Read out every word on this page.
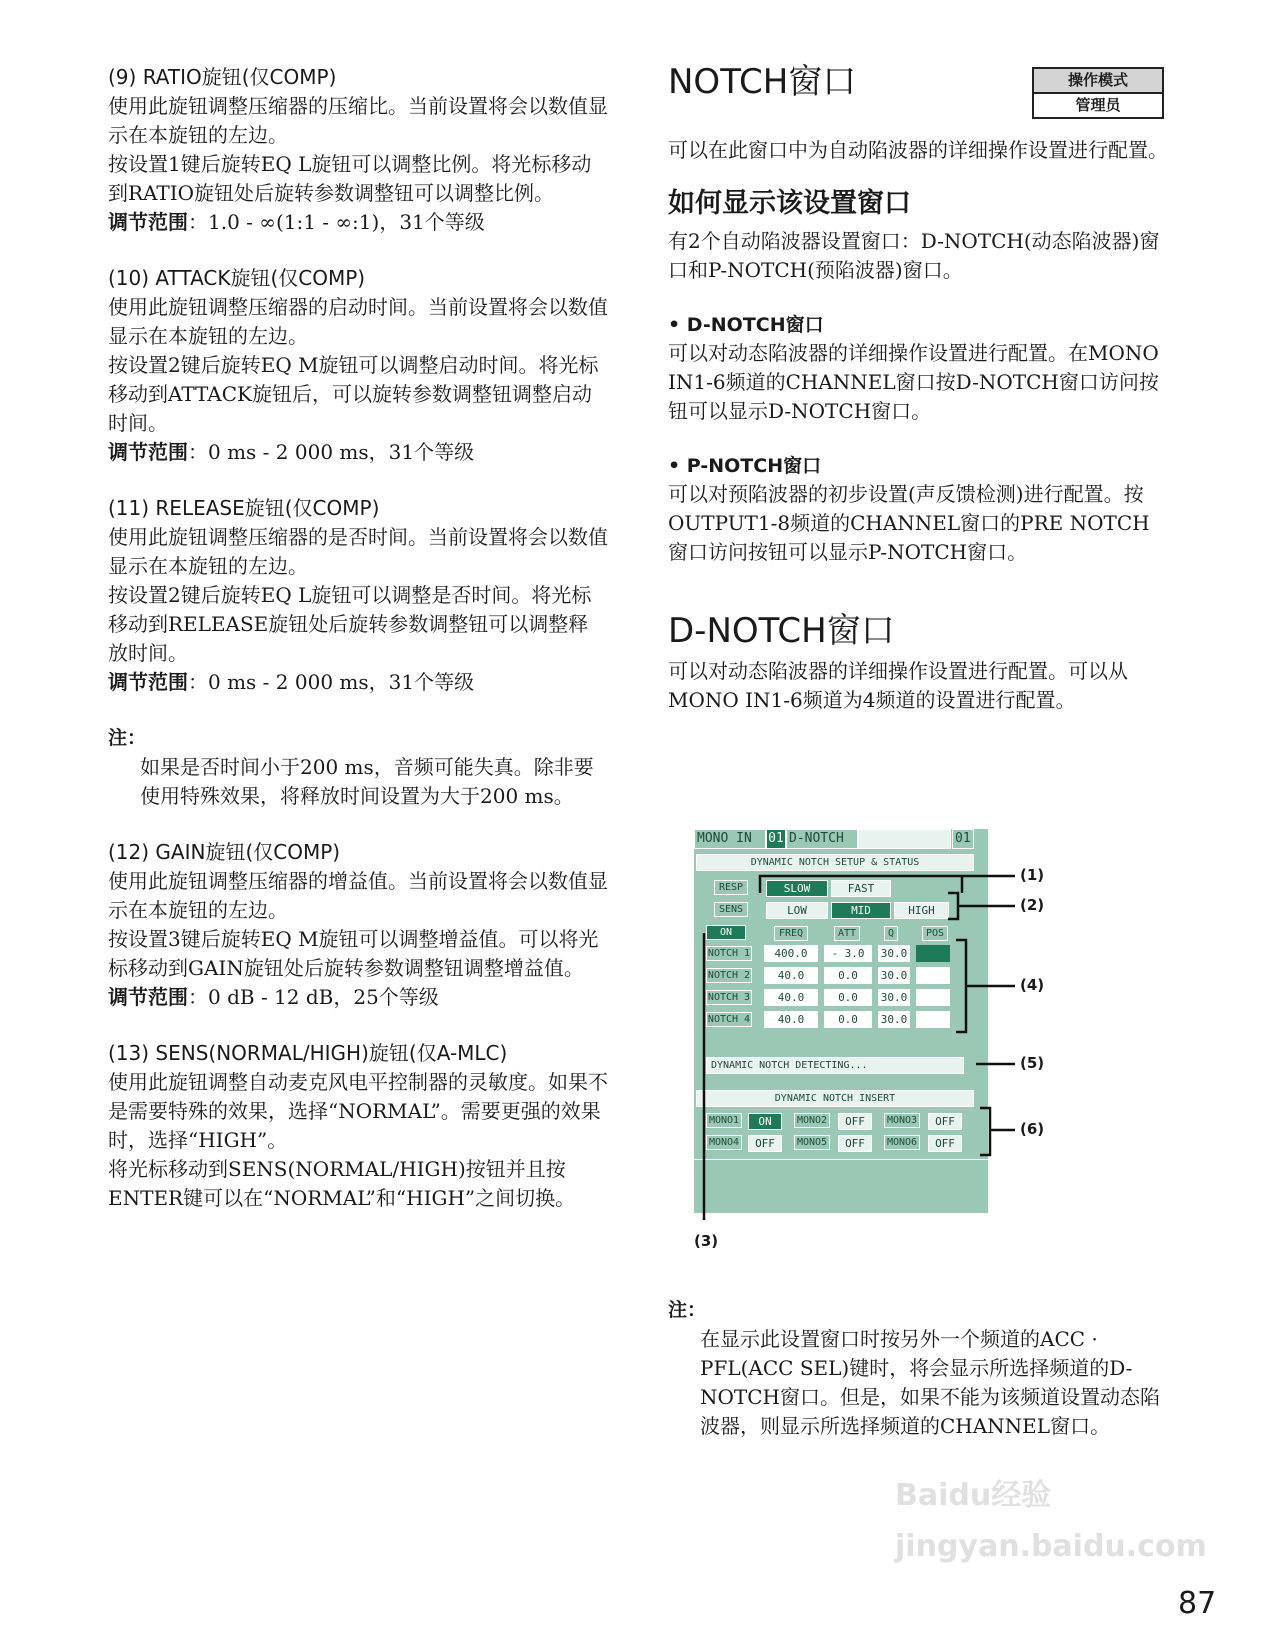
(9) RATIO旋钮(仅COMP)

使用此旋钮调整压缩器的压缩比。当前设置将会以数值显示在本旋钮的左边。

按设置1键后旋转EQ L旋钮可以调整比例。将光标移动到RATIO旋钮处后旋转参数调整钮可以调整比例。

调节范围：1.0 - ∞(1:1 - ∞:1)，31个等级

(10) ATTACK旋钮(仅COMP)

使用此旋钮调整压缩器的启动时间。当前设置将会以数值显示在本旋钮的左边。

按设置2键后旋转EQ M旋钮可以调整启动时间。将光标移动到ATTACK旋钮后，可以旋转参数调整钮调整启动时间。

调节范围：0 ms - 2 000 ms，31个等级

(11) RELEASE旋钮(仅COMP)

使用此旋钮调整压缩器的是否时间。当前设置将会以数值显示在本旋钮的左边。

按设置2键后旋转EQ L旋钮可以调整是否时间。将光标移动到RELEASE旋钮处后旋转参数调整钮可以调整释放时间。

调节范围：0 ms - 2 000 ms，31个等级

注：

如果是否时间小于200 ms，音频可能失真。除非要使用特殊效果，将释放时间设置为大于200 ms。

(12) GAIN旋钮(仅COMP)

使用此旋钮调整压缩器的增益值。当前设置将会以数值显示在本旋钮的左边。

按设置3键后旋转EQ M旋钮可以调整增益值。可以将光标移动到GAIN旋钮处后旋转参数调整钮调整增益值。

调节范围：0 dB - 12 dB，25个等级

(13) SENS(NORMAL/HIGH)旋钮(仅A-MLC)

使用此旋钮调整自动麦克风电平控制器的灵敏度。如果不是需要特殊的效果，选择“NORMAL”。需要更强的效果时，选择“HIGH”。

将光标移动到SENS(NORMAL/HIGH)按钮并且按ENTER键可以在“NORMAL”和“HIGH”之间切换。

操作模式
管理员
NOTCH窗口

可以在此窗口中为自动陷波器的详细操作设置进行配置。

如何显示该设置窗口

有2个自动陷波器设置窗口：D-NOTCH(动态陷波器)窗口和P-NOTCH(预陷波器)窗口。

• D-NOTCH窗口

可以对动态陷波器的详细操作设置进行配置。在MONO IN1-6频道的CHANNEL窗口按D-NOTCH窗口访问按钮可以显示D-NOTCH窗口。

• P-NOTCH窗口

可以对预陷波器的初步设置(声反馈检测)进行配置。按OUTPUT1-8频道的CHANNEL窗口的PRE NOTCH窗口访问按钮可以显示P-NOTCH窗口。

D-NOTCH窗口

可以对动态陷波器的详细操作设置进行配置。可以从MONO IN1-6频道为4频道的设置进行配置。

MONO IN	01 D-NOTCH	01
DYNAMIC NOTCH SETUP & STATUS
RESP	SLOW	FAST
SENS	LOW	MID	HIGH
ON	FREQ	ATT	Q	POS
NOTCH 1	400.0	- 3.0	30.0
NOTCH 2	40.0	0.0	30.0
NOTCH 3	40.0	0.0	30.0
NOTCH 4	40.0	0.0	30.0
DYNAMIC NOTCH DETECTING...
DYNAMIC NOTCH INSERT
MONO1	ON	MONO2	OFF	MONO3	OFF
MONO4	OFF	MONO5	OFF	MONO6	OFF
(1)
(2)
(3)
(4)
(5)
(6)
注：

在显示此设置窗口时按另外一个频道的ACC · PFL(ACC SEL)键时，将会显示所选择频道的D-NOTCH窗口。但是，如果不能为该频道设置动态陷波器，则显示所选择频道的CHANNEL窗口。

Baidu经验 jingyan.baidu.com
87
